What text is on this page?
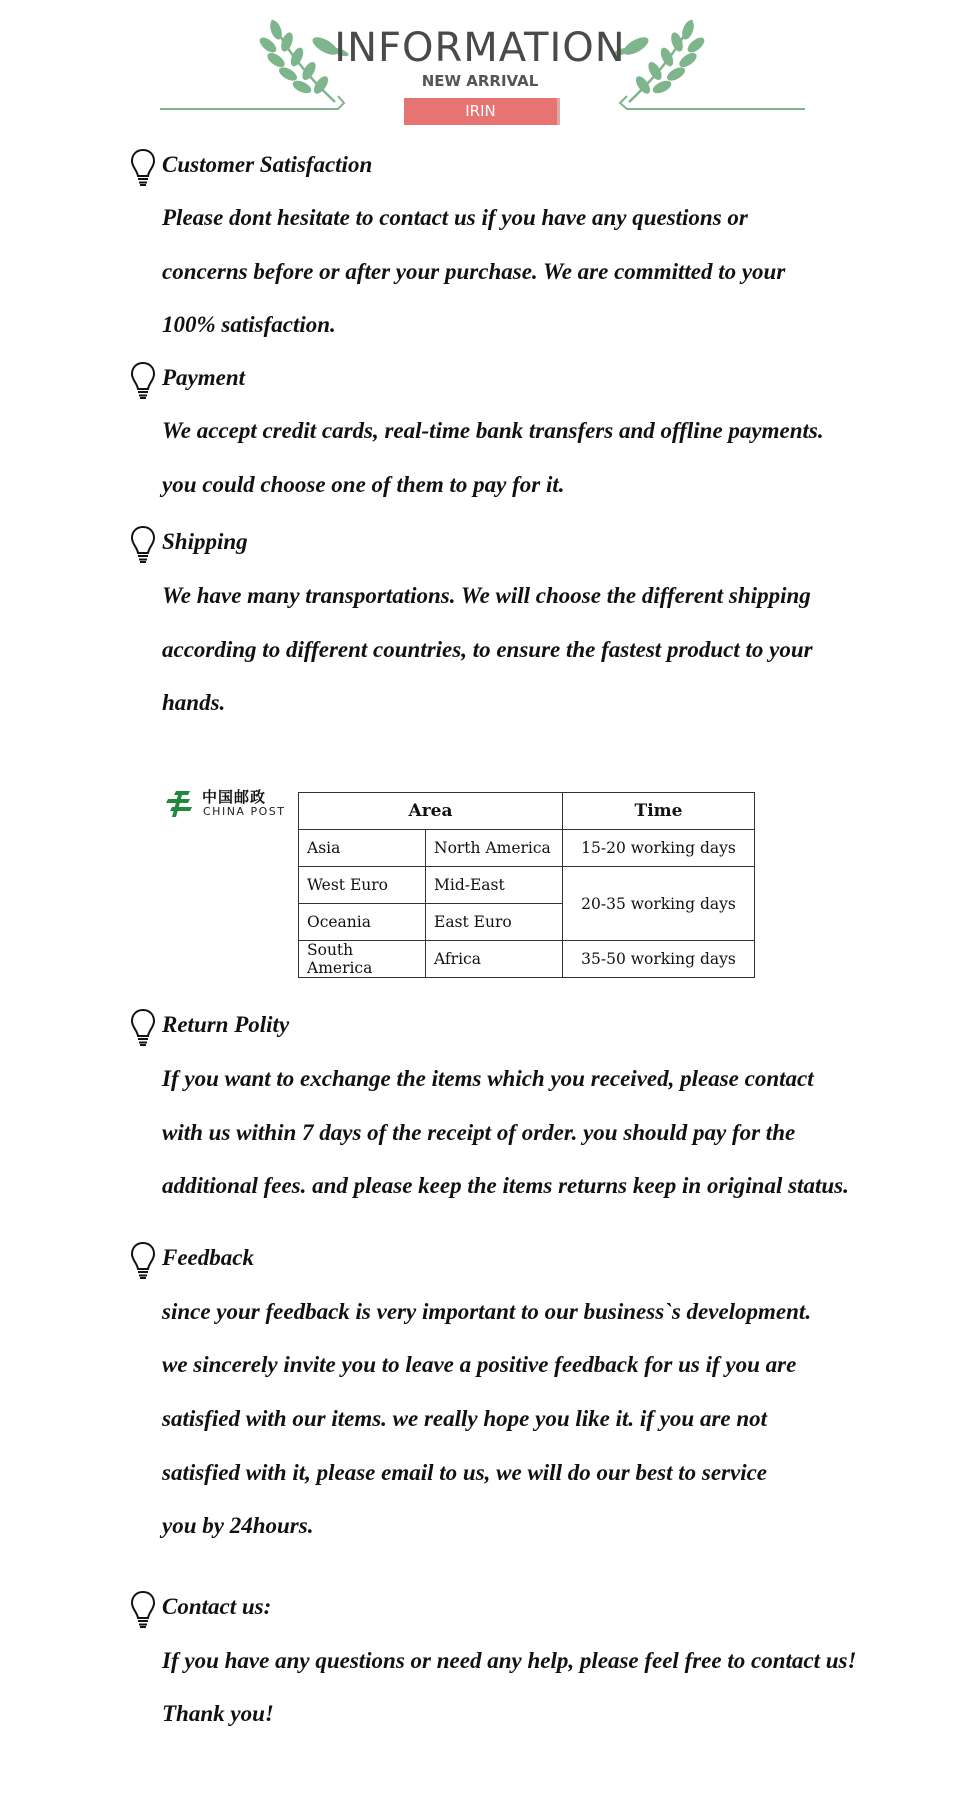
INFORMATION
NEW ARRIVAL
IRIN
Customer Satisfaction
Please dont hesitate to contact us if you have any questions or
concerns before or after your purchase. We are committed to your
100% satisfaction.
Payment
We accept credit cards, real-time bank transfers and offline payments.
you could choose one of them to pay for it.
Shipping
We have many transportations. We will choose the different shipping
according to different countries, to ensure the fastest product to your
hands.
中国邮政
CHINA POST	Area		Time
Asia	North America	15-20 working days
West Euro	Mid-East	20-35 working days
Oceania	East Euro	
South America	Africa	35-50 working days
Return Polity
If you want to exchange the items which you received, please contact
with us within 7 days of the receipt of order. you should pay for the
additional fees. and please keep the items returns keep in original status.
Feedback
since your feedback is very important to our business`s development.
we sincerely invite you to leave a positive feedback for us if you are
satisfied with our items. we really hope you like it. if you are not
satisfied with it, please email to us, we will do our best to service
you by 24hours.
Contact us:
If you have any questions or need any help, please feel free to contact us!
Thank you!
